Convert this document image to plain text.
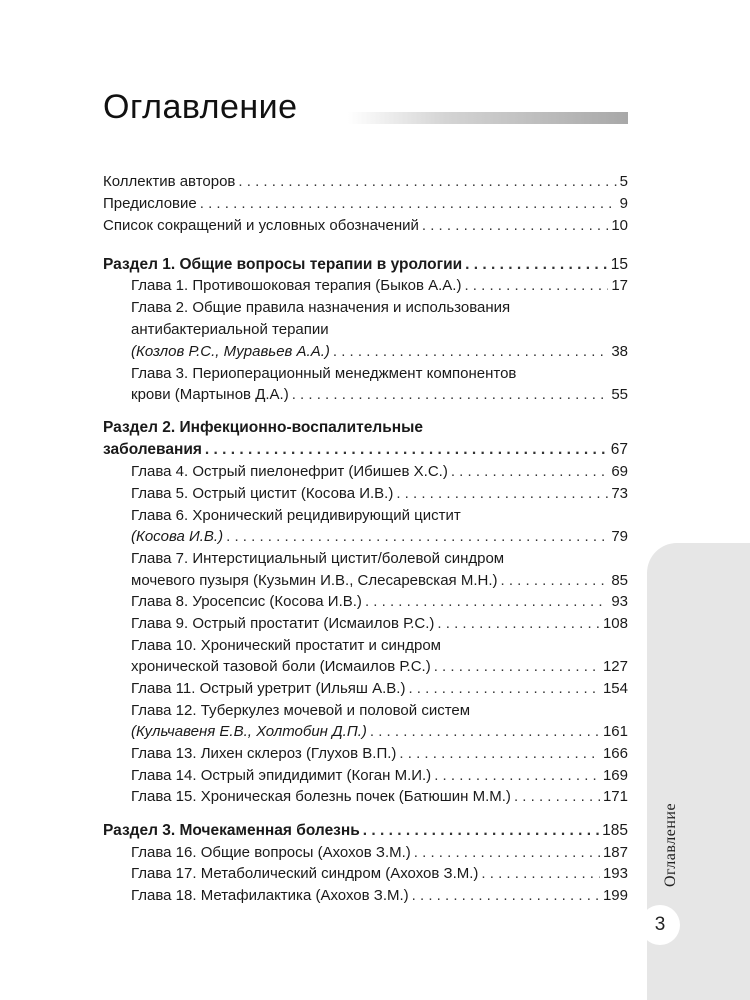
Оглавление
Коллектив авторов . . .	5
Предисловие . . .	9
Список сокращений и условных обозначений . . .	10
Раздел 1. Общие вопросы терапии в урологии . . .	15
Глава 1. Противошоковая терапия (Быков А.А.) . . .	17
Глава 2. Общие правила назначения и использования
антибактериальной терапии
(Козлов Р.С., Муравьев А.А.) . . .	38
Глава 3. Периоперационный менеджмент компонентов
крови (Мартынов Д.А.) . . .	55
Раздел 2. Инфекционно-воспалительные
заболевания . . .	67
Глава 4. Острый пиелонефрит (Ибишев Х.С.) . . .	69
Глава 5. Острый цистит (Косова И.В.) . . .	73
Глава 6. Хронический рецидивирующий цистит
(Косова И.В.) . . .	79
Глава 7. Интерстициальный цистит/болевой синдром
мочевого пузыря (Кузьмин И.В., Слесаревская М.Н.) . . .	85
Глава 8. Уросепсис (Косова И.В.) . . .	93
Глава 9. Острый простатит (Исмаилов Р.С.) . . .	108
Глава 10. Хронический простатит и синдром
хронической тазовой боли (Исмаилов Р.С.) . . .	127
Глава 11. Острый уретрит (Ильяш А.В.) . . .	154
Глава 12. Туберкулез мочевой и половой систем
(Кульчавеня Е.В., Холтобин Д.П.) . . .	161
Глава 13. Лихен склероз (Глухов В.П.) . . .	166
Глава 14. Острый эпидидимит (Коган М.И.) . . .	169
Глава 15. Хроническая болезнь почек (Батюшин М.М.) . . .	171
Раздел 3. Мочекаменная болезнь . . .	185
Глава 16. Общие вопросы (Ахохов З.М.) . . .	187
Глава 17. Метаболический синдром (Ахохов З.М.) . . .	193
Глава 18. Метафилактика (Ахохов З.М.) . . .	199
Оглавление
3
